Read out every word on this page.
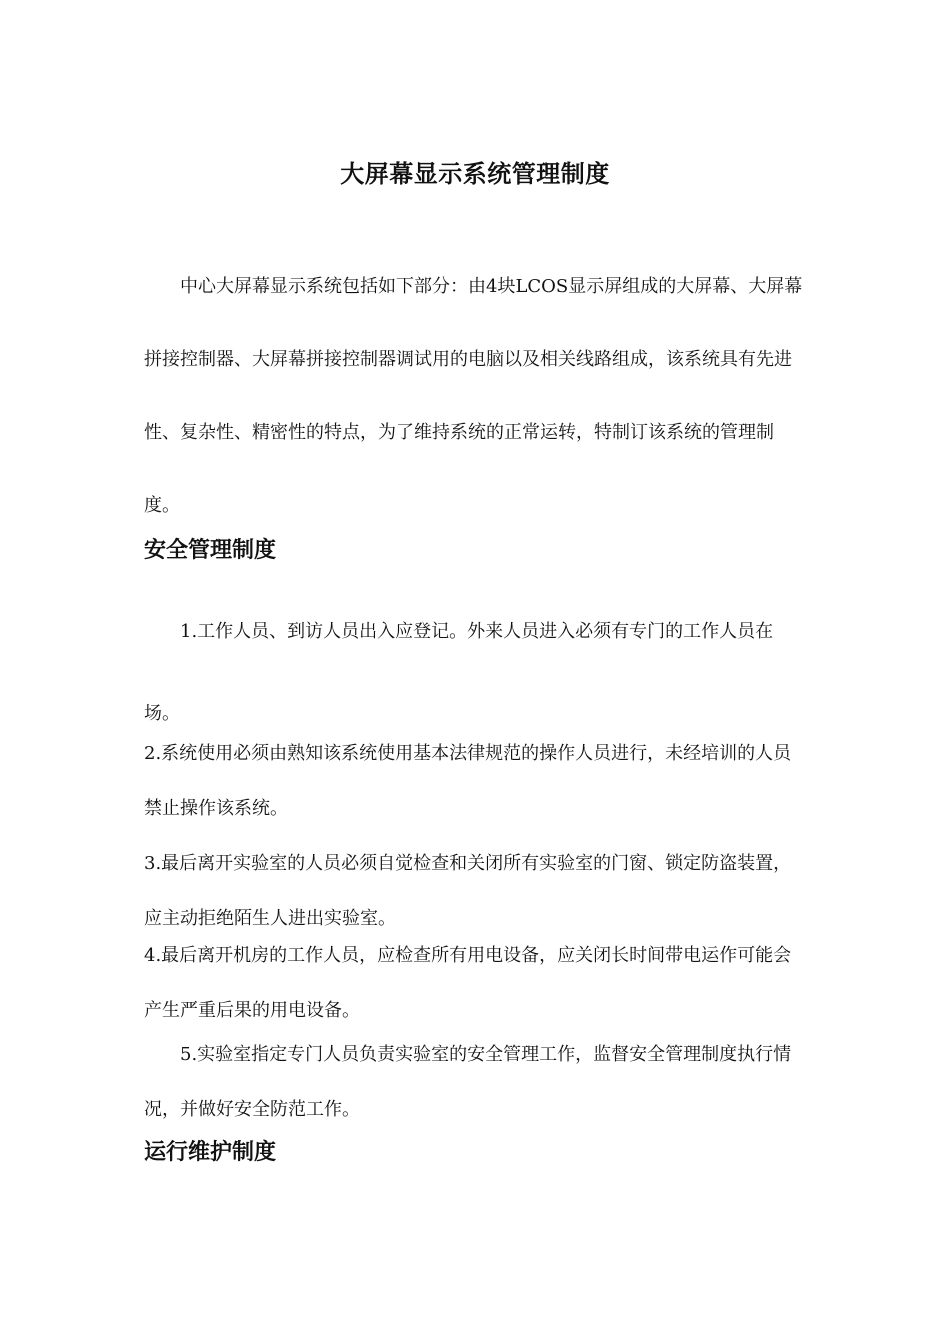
大屏幕显示系统管理制度
中心大屏幕显示系统包括如下部分：由4块LCOS显示屏组成的大屏幕、大屏幕拼接控制器、大屏幕拼接控制器调试用的电脑以及相关线路组成，该系统具有先进性、复杂性、精密性的特点，为了维持系统的正常运转，特制订该系统的管理制度。
安全管理制度
1.工作人员、到访人员出入应登记。外来人员进入必须有专门的工作人员在场。
2.系统使用必须由熟知该系统使用基本法律规范的操作人员进行，未经培训的人员禁止操作该系统。
3.最后离开实验室的人员必须自觉检查和关闭所有实验室的门窗、锁定防盗装置，应主动拒绝陌生人进出实验室。
4.最后离开机房的工作人员，应检查所有用电设备，应关闭长时间带电运作可能会产生严重后果的用电设备。
5.实验室指定专门人员负责实验室的安全管理工作，监督安全管理制度执行情况，并做好安全防范工作。
运行维护制度
